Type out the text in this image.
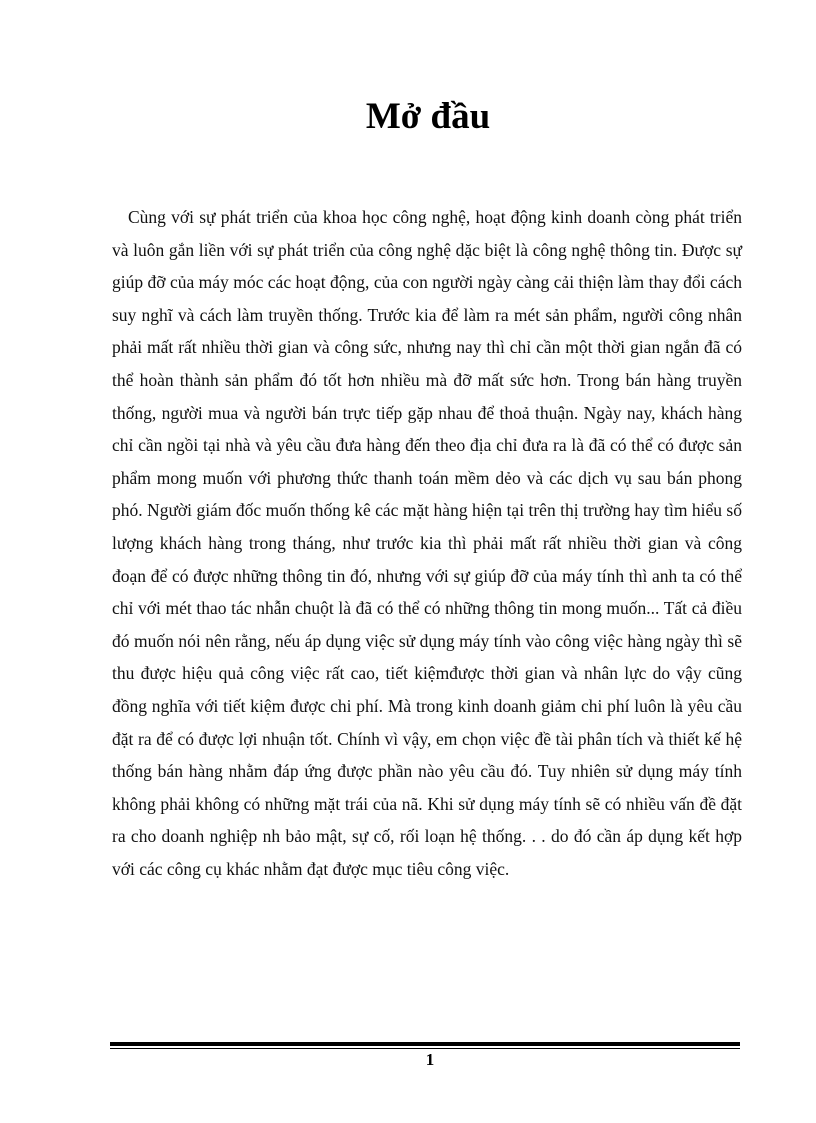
Mở đầu

Cùng với sự phát triển của khoa học công nghệ, hoạt động kinh doanh còng phát triển và luôn gắn liền với sự phát triển của công nghệ dặc biệt là công nghệ thông tin. Được sự giúp đỡ của máy móc các hoạt động, của con người ngày càng cải thiện làm thay đổi cách suy nghĩ và cách làm truyền thống. Trước kia để làm ra mét sản phẩm, người công nhân phải mất rất nhiều thời gian và công sức, nhưng nay thì chỉ cần một thời gian ngắn đã có thể hoàn thành sản phẩm đó tốt hơn nhiều mà đỡ mất sức hơn. Trong bán hàng truyền thống, người mua và người bán trực tiếp gặp nhau để thoả thuận. Ngày nay, khách hàng chỉ cần ngồi tại nhà và yêu cầu đưa hàng đến theo địa chỉ đưa ra là đã có thể có được sản phẩm mong muốn với phương thức thanh toán mềm dẻo và các dịch vụ sau bán phong phó. Người giám đốc muốn thống kê các mặt hàng hiện tại trên thị trường hay tìm hiểu số lượng khách hàng trong tháng, như trước kia thì phải mất rất nhiều thời gian và công đoạn để có được những thông tin đó, nhưng với sự giúp đỡ của máy tính thì anh ta có thể chỉ với mét thao tác nhẫn chuột là đã có thể có những thông tin mong muốn... Tất cả điều đó muốn nói nên rằng, nếu áp dụng việc sử dụng máy tính vào công việc hàng ngày thì sẽ thu được hiệu quả công việc rất cao, tiết kiệmđược thời gian và nhân lực do vậy cũng đồng nghĩa với tiết kiệm được chi phí. Mà trong kinh doanh giảm chi phí luôn là yêu cầu đặt ra để có được lợi nhuận tốt. Chính vì vậy, em chọn việc đề tài phân tích và thiết kế hệ thống bán hàng nhằm đáp ứng được phần nào yêu cầu đó. Tuy nhiên sử dụng máy tính không phải không có những mặt trái của nã. Khi sử dụng máy tính sẽ có nhiều vấn đề đặt ra cho doanh nghiệp nh bảo mật, sự cố, rối loạn hệ thống. . . do đó cần áp dụng kết hợp với các công cụ khác nhằm đạt được mục tiêu công việc.

1
